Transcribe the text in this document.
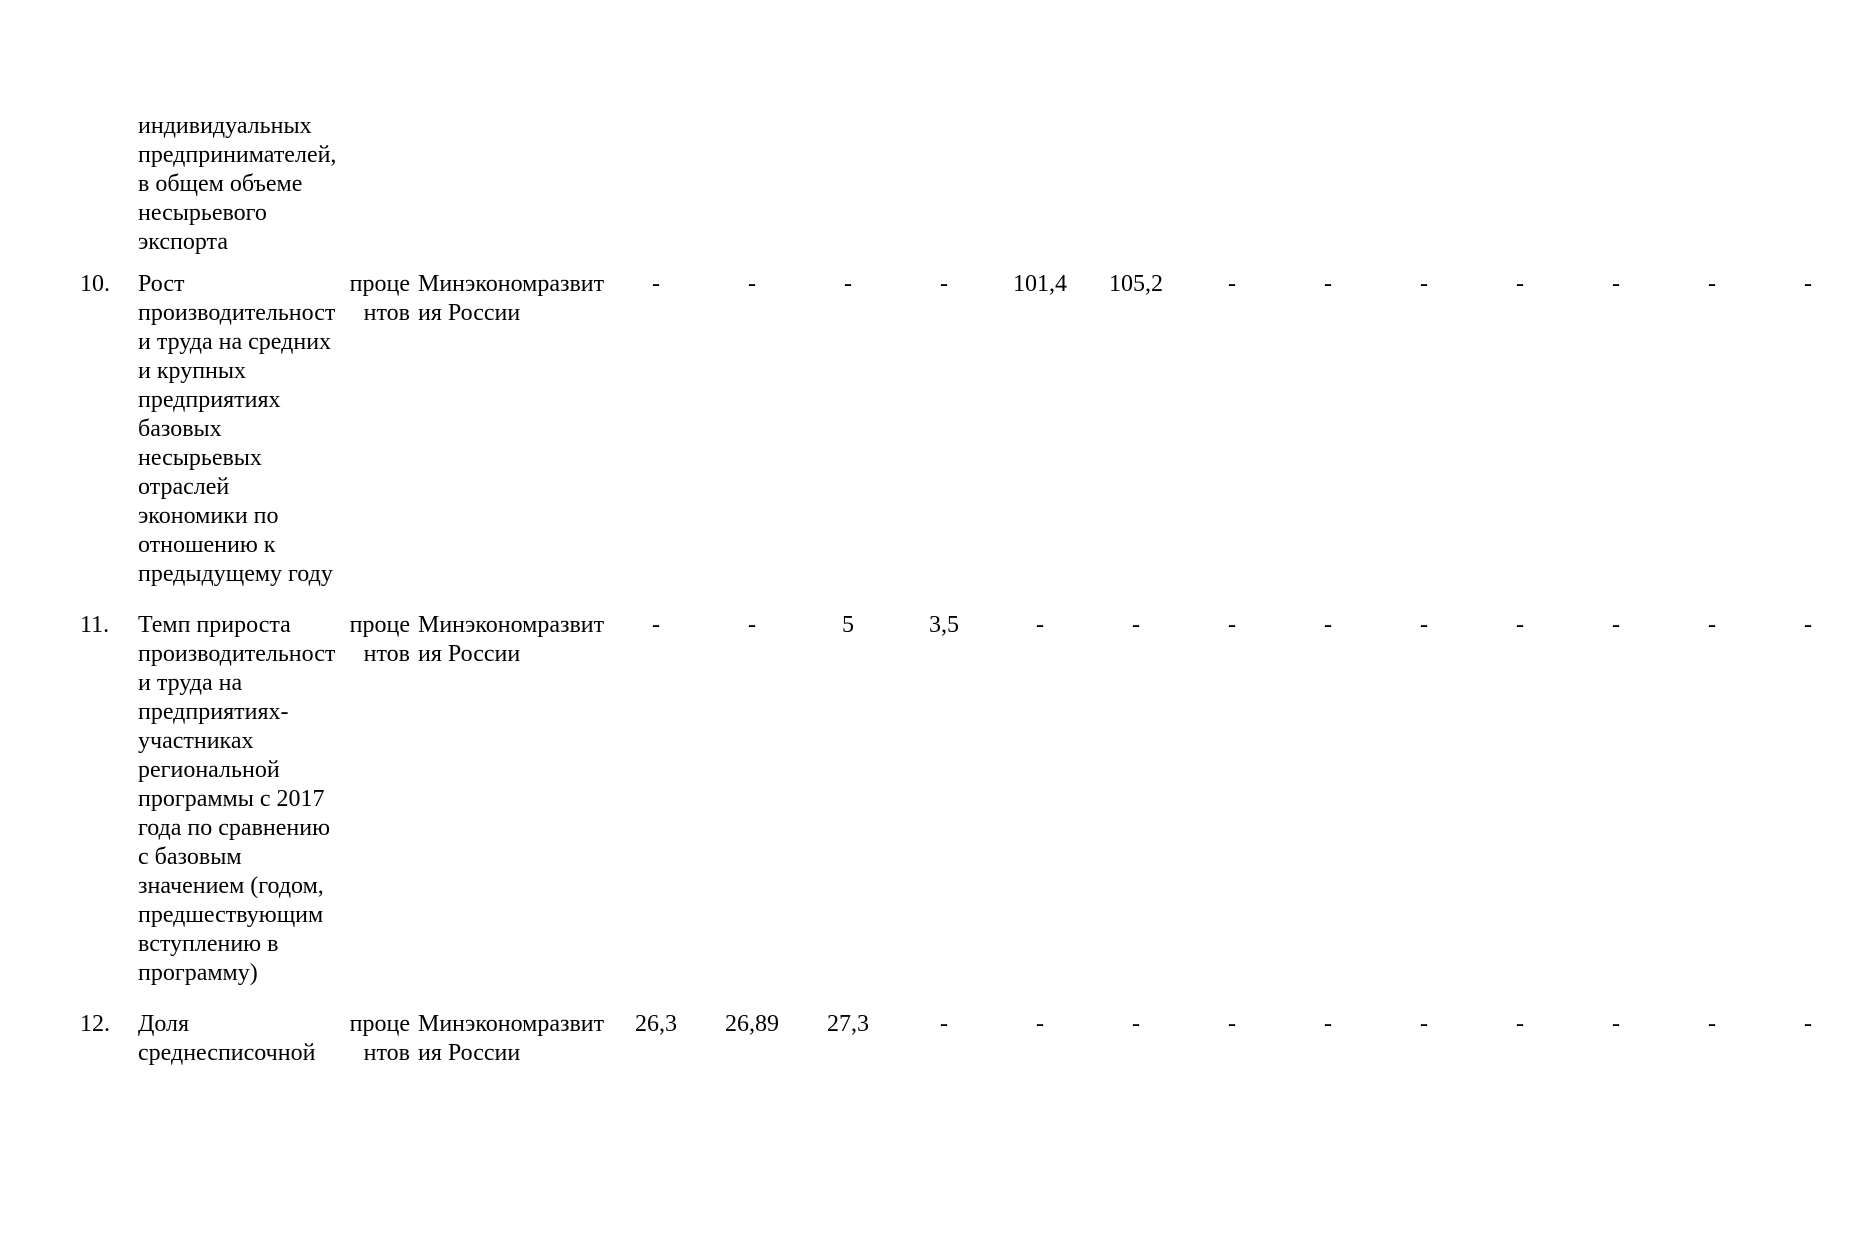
		индивидуальных предпринимателей, в общем объеме несырьевого экспорта																

	10.	Рост производительности труда на средних и крупных предприятиях базовых несырьевых отраслей экономики по отношению к предыдущему году	процентов		Минэкономразвития России	-	-	-	-	101,4	105,2	-	-	-	-	-	-	-

	11.	Темп прироста производительности труда на предприятиях-участниках региональной программы с 2017 года по сравнению с базовым значением (годом, предшествующим вступлению в программу)	процентов		Минэкономразвития России	-	-	5	3,5	-	-	-	-	-	-	-	-	-

	12.	Доля среднесписочной	процентов		Минэкономразвития России	26,3	26,89	27,3	-	-	-	-	-	-	-	-	-	-
